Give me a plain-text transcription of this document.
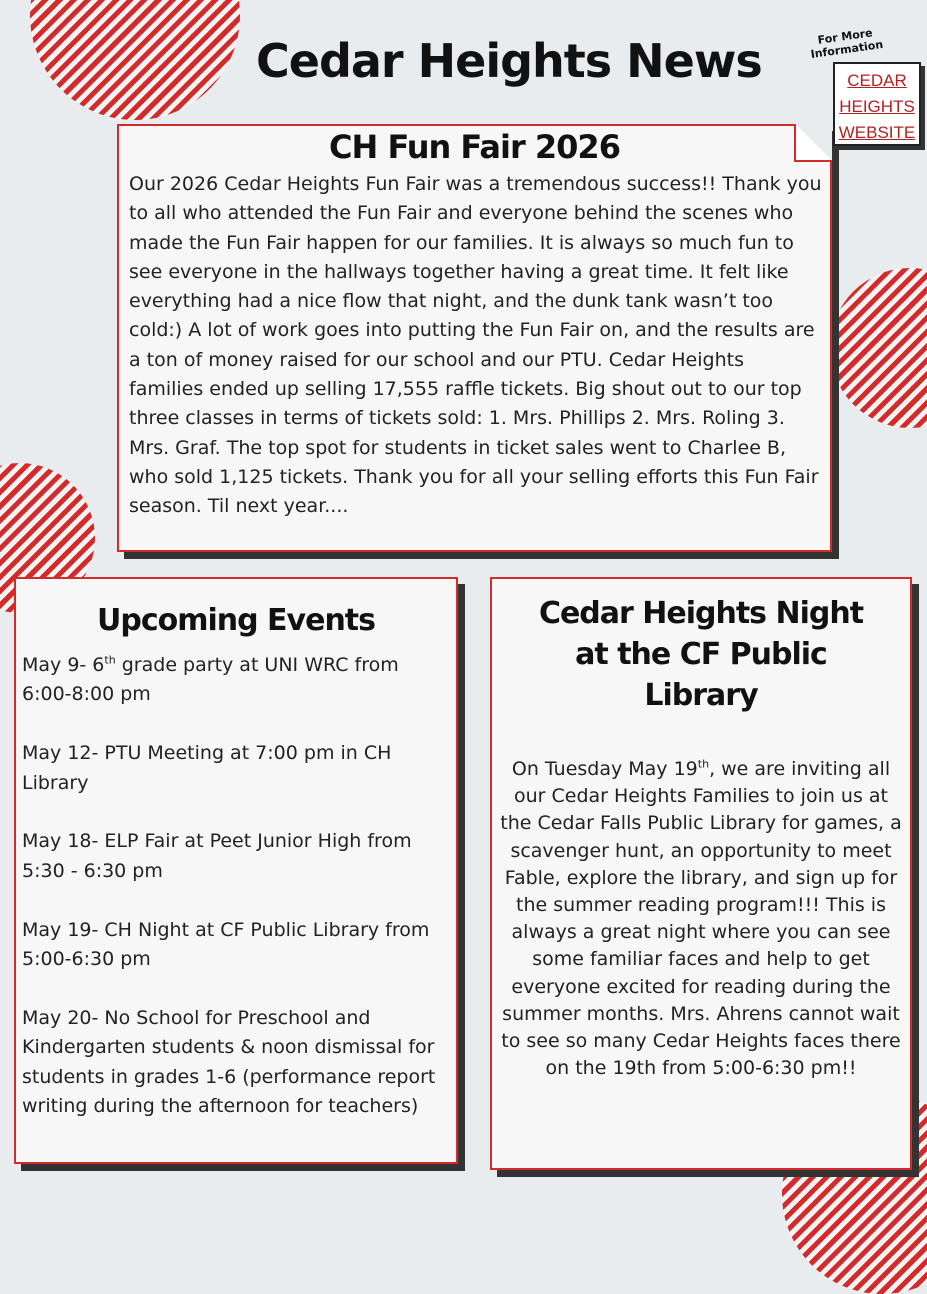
Cedar Heights News	For More Information
CEDAR
HEIGHTS
WEBSITE
CH Fun Fair 2026

Our 2026 Cedar Heights Fun Fair was a tremendous success!! Thank you to all who attended the Fun Fair and everyone behind the scenes who made the Fun Fair happen for our families. It is always so much fun to see everyone in the hallways together having a great time. It felt like everything had a nice flow that night, and the dunk tank wasn’t too cold:) A lot of work goes into putting the Fun Fair on, and the results are a ton of money raised for our school and our PTU. Cedar Heights families ended up selling 17,555 raffle tickets. Big shout out to our top three classes in terms of tickets sold: 1. Mrs. Phillips 2. Mrs. Roling 3. Mrs. Graf. The top spot for students in ticket sales went to Charlee B, who sold 1,125 tickets. Thank you for all your selling efforts this Fun Fair season. Til next year....

Upcoming Events

May 9- 6th grade party at UNI WRC from 6:00-8:00 pm

May 12- PTU Meeting at 7:00 pm in CH Library

May 18- ELP Fair at Peet Junior High from 5:30 - 6:30 pm

May 19- CH Night at CF Public Library from 5:00-6:30 pm

May 20- No School for Preschool and Kindergarten students & noon dismissal for students in grades 1-6 (performance report writing during the afternoon for teachers)

Cedar Heights Night
at the CF Public
Library

On Tuesday May 19th, we are inviting all our Cedar Heights Families to join us at the Cedar Falls Public Library for games, a scavenger hunt, an opportunity to meet Fable, explore the library, and sign up for the summer reading program!!! This is always a great night where you can see some familiar faces and help to get everyone excited for reading during the summer months. Mrs. Ahrens cannot wait to see so many Cedar Heights faces there on the 19th from 5:00-6:30 pm!!
